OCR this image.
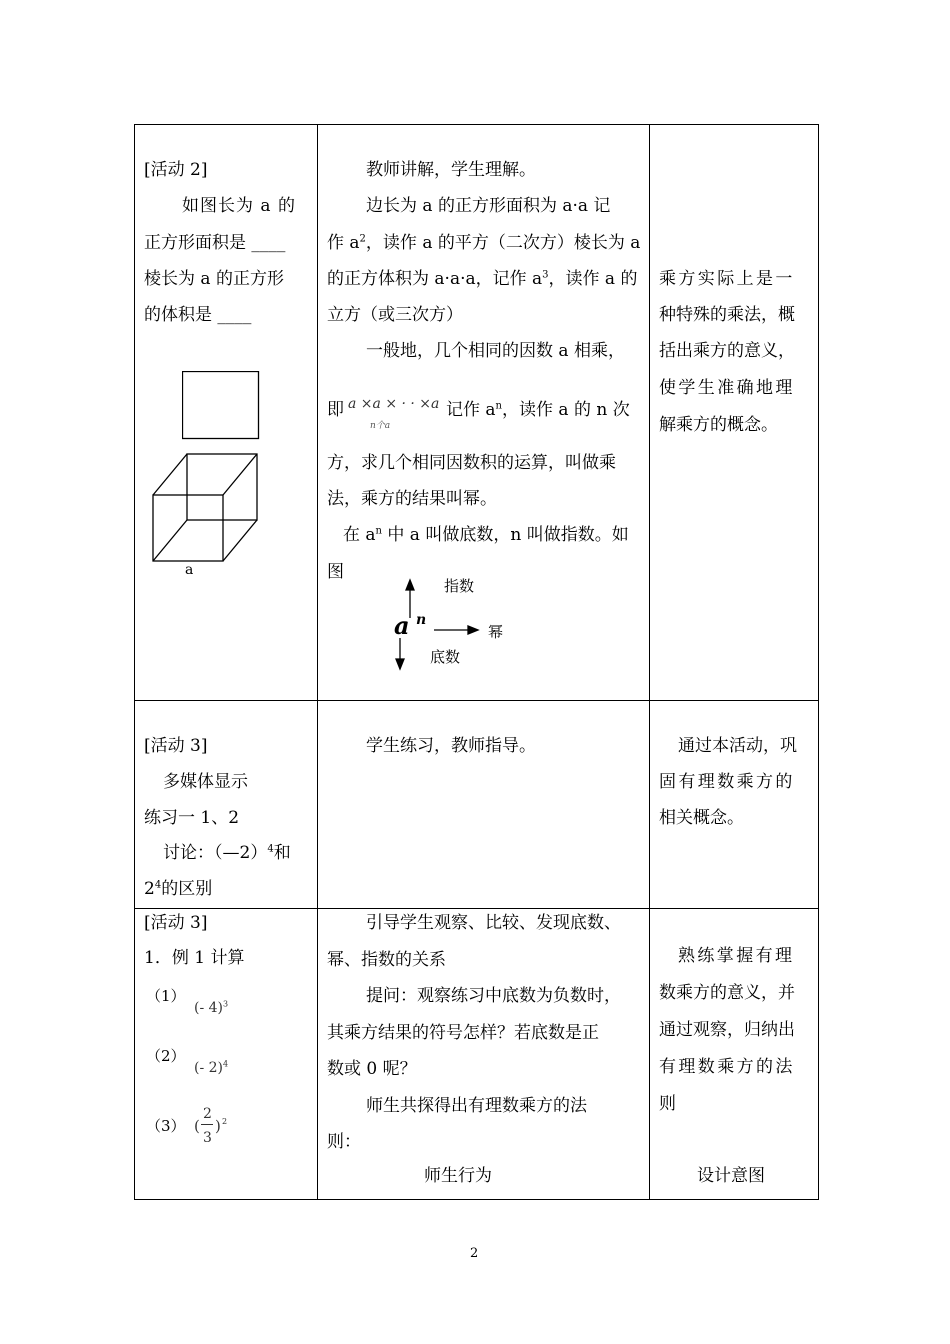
[活动 2]
如图长为 a 的
正方形面积是 ____
棱长为 a 的正方形
的体积是 ____
a
教师讲解，学生理解。
边长为 a 的正方形面积为 a·a 记
作 $a^2$，读作 a 的平方（二次方）棱长为 a
的正方体积为 a·a·a，记作 $a^3$，读作 a 的
立方（或三次方）
一般地，几个相同的因数 a 相乘，
即 a ×a × · · ×a
n个a
记作 $a^n$，读作 a 的 n 次
方，求几个相同因数积的运算，叫做乘
法，乘方的结果叫幂。
在 $a^n$ 中 a 叫做底数，n 叫做指数。如
图
指数
a n
幂
底数
乘方实际上是一
种特殊的乘法，概
括出乘方的意义，
使学生准确地理
解乘方的概念。
[活动 3]
多媒体显示
练习一 1、2
讨论：（—2）$^4$和
$2^4$的区别
学生练习，教师指导。	通过本活动，巩
固有理数乘方的
相关概念。
[活动 3]
1．例 1 计算
（1）
(- 4)$^3$
（2）
(- 2)$^4$
（3） (
2
3
) 2
引导学生观察、比较、发现底数、
幂、指数的关系
提问：观察练习中底数为负数时，
其乘方结果的符号怎样？若底数是正
数或 0 呢？
师生共探得出有理数乘方的法
则：
师生行为
熟练掌握有理
数乘方的意义，并
通过观察，归纳出
有理数乘方的法
则
设计意图
2
